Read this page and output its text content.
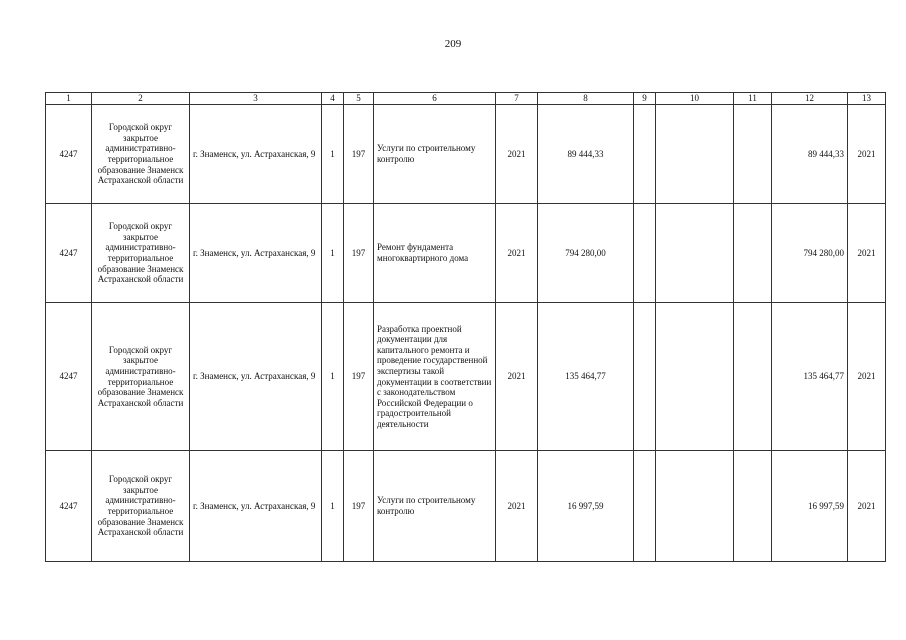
209
1	2	3	4	5	6	7	8	9	10	11	12	13
4247	Городской округ закрытое административно-территориальное образование Знаменск Астраханской области	г. Знаменск, ул. Астраханская, 9	1	197	Услуги по строительному контролю	2021	89 444,33				89 444,33	2021
4247	Городской округ закрытое административно-территориальное образование Знаменск Астраханской области	г. Знаменск, ул. Астраханская, 9	1	197	Ремонт фундамента многоквартирного дома	2021	794 280,00				794 280,00	2021
4247	Городской округ закрытое административно-территориальное образование Знаменск Астраханской области	г. Знаменск, ул. Астраханская, 9	1	197	Разработка проектной документации для капитального ремонта и проведение государственной экспертизы такой документации в соответствии с законодательством Российской Федерации о градостроительной деятельности	2021	135 464,77				135 464,77	2021
4247	Городской округ закрытое административно-территориальное образование Знаменск Астраханской области	г. Знаменск, ул. Астраханская, 9	1	197	Услуги по строительному контролю	2021	16 997,59				16 997,59	2021
